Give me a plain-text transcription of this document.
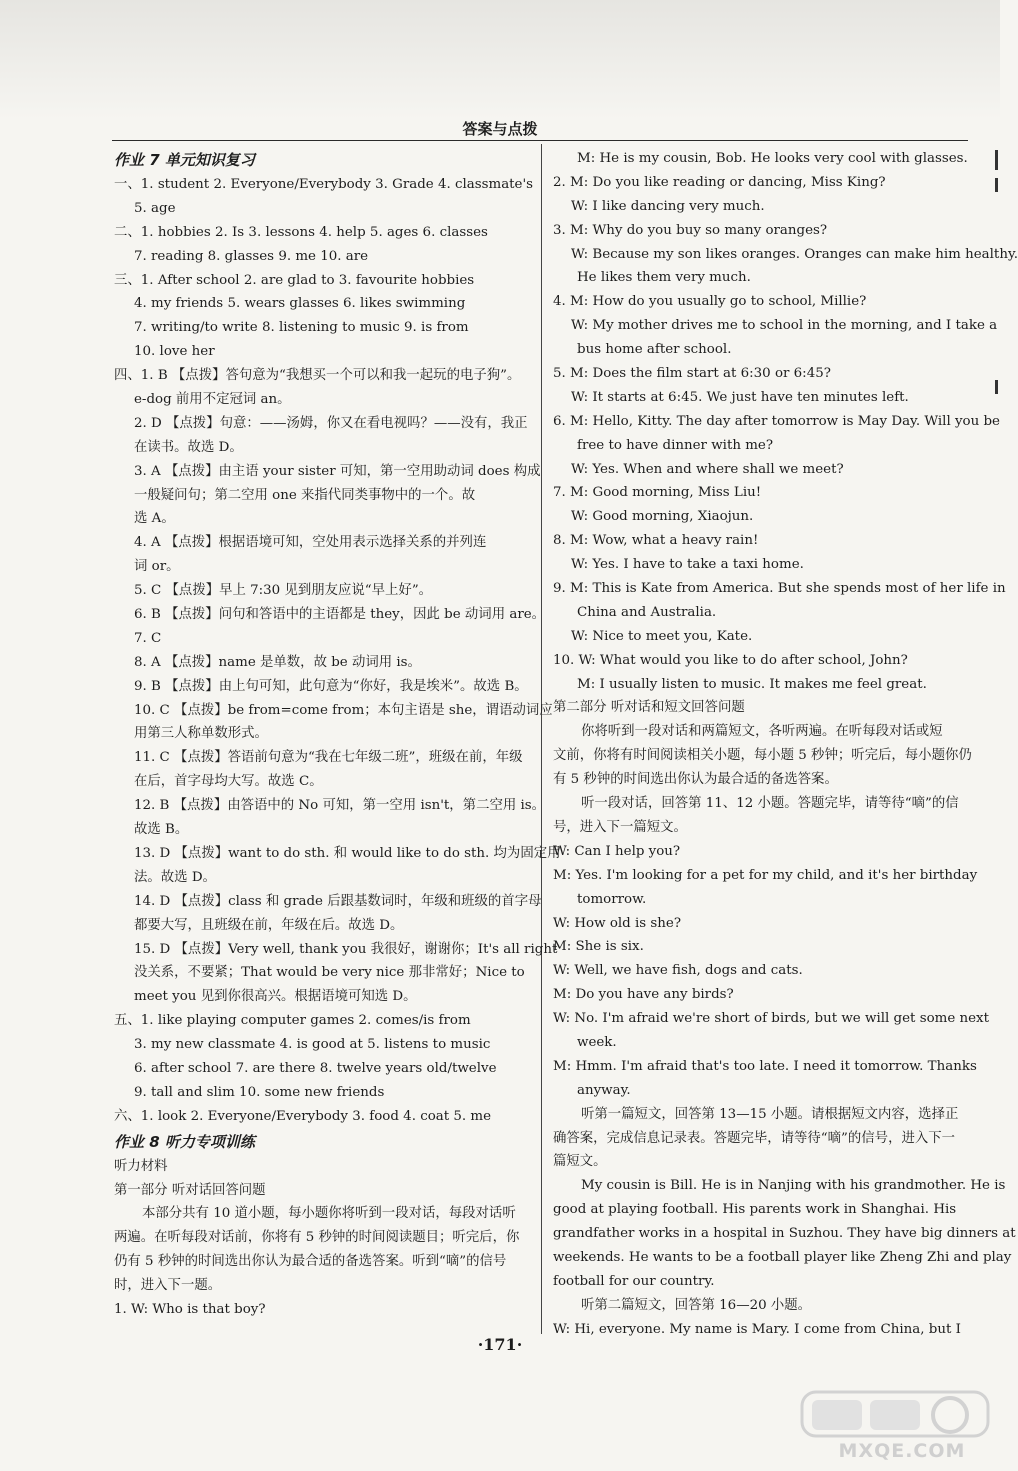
答案与点拨
作业 7 单元知识复习
一、1. student 2. Everyone/Everybody 3. Grade 4. classmate's
5. age
二、1. hobbies 2. Is 3. lessons 4. help 5. ages 6. classes
7. reading 8. glasses 9. me 10. are
三、1. After school 2. are glad to 3. favourite hobbies
4. my friends 5. wears glasses 6. likes swimming
7. writing/to write 8. listening to music 9. is from
10. love her
四、1. B 【点拨】答句意为“我想买一个可以和我一起玩的电子狗”。
e-dog 前用不定冠词 an。
2. D 【点拨】句意：——汤姆，你又在看电视吗？——没有，我正
在读书。故选 D。
3. A 【点拨】由主语 your sister 可知，第一空用助动词 does 构成
一般疑问句；第二空用 one 来指代同类事物中的一个。故
选 A。
4. A 【点拨】根据语境可知，空处用表示选择关系的并列连
词 or。
5. C 【点拨】早上 7:30 见到朋友应说“早上好”。
6. B 【点拨】问句和答语中的主语都是 they，因此 be 动词用 are。
7. C
8. A 【点拨】name 是单数，故 be 动词用 is。
9. B 【点拨】由上句可知，此句意为“你好，我是埃米”。故选 B。
10. C 【点拨】be from=come from；本句主语是 she，谓语动词应
用第三人称单数形式。
11. C 【点拨】答语前句意为“我在七年级二班”，班级在前，年级
在后，首字母均大写。故选 C。
12. B 【点拨】由答语中的 No 可知，第一空用 isn't，第二空用 is。
故选 B。
13. D 【点拨】want to do sth. 和 would like to do sth. 均为固定用
法。故选 D。
14. D 【点拨】class 和 grade 后跟基数词时，年级和班级的首字母
都要大写，且班级在前，年级在后。故选 D。
15. D 【点拨】Very well, thank you 我很好，谢谢你；It's all right
没关系，不要紧；That would be very nice 那非常好；Nice to
meet you 见到你很高兴。根据语境可知选 D。
五、1. like playing computer games 2. comes/is from
3. my new classmate 4. is good at 5. listens to music
6. after school 7. are there 8. twelve years old/twelve
9. tall and slim 10. some new friends
六、1. look 2. Everyone/Everybody 3. food 4. coat 5. me
作业 8 听力专项训练
听力材料
第一部分 听对话回答问题
本部分共有 10 道小题，每小题你将听到一段对话，每段对话听
两遍。在听每段对话前，你将有 5 秒钟的时间阅读题目；听完后，你
仍有 5 秒钟的时间选出你认为最合适的备选答案。听到“嘀”的信号
时，进入下一题。
1. W: Who is that boy?
M: He is my cousin, Bob. He looks very cool with glasses.
2. M: Do you like reading or dancing, Miss King?
W: I like dancing very much.
3. M: Why do you buy so many oranges?
W: Because my son likes oranges. Oranges can make him healthy.
He likes them very much.
4. M: How do you usually go to school, Millie?
W: My mother drives me to school in the morning, and I take a
bus home after school.
5. M: Does the film start at 6:30 or 6:45?
W: It starts at 6:45. We just have ten minutes left.
6. M: Hello, Kitty. The day after tomorrow is May Day. Will you be
free to have dinner with me?
W: Yes. When and where shall we meet?
7. M: Good morning, Miss Liu!
W: Good morning, Xiaojun.
8. M: Wow, what a heavy rain!
W: Yes. I have to take a taxi home.
9. M: This is Kate from America. But she spends most of her life in
China and Australia.
W: Nice to meet you, Kate.
10. W: What would you like to do after school, John?
M: I usually listen to music. It makes me feel great.
第二部分 听对话和短文回答问题
你将听到一段对话和两篇短文，各听两遍。在听每段对话或短
文前，你将有时间阅读相关小题，每小题 5 秒钟；听完后，每小题你仍
有 5 秒钟的时间选出你认为最合适的备选答案。
听一段对话，回答第 11、12 小题。答题完毕，请等待“嘀”的信
号，进入下一篇短文。
W: Can I help you?
M: Yes. I'm looking for a pet for my child, and it's her birthday
tomorrow.
W: How old is she?
M: She is six.
W: Well, we have fish, dogs and cats.
M: Do you have any birds?
W: No. I'm afraid we're short of birds, but we will get some next
week.
M: Hmm. I'm afraid that's too late. I need it tomorrow. Thanks
anyway.
听第一篇短文，回答第 13—15 小题。请根据短文内容，选择正
确答案，完成信息记录表。答题完毕，请等待“嘀”的信号，进入下一
篇短文。
My cousin is Bill. He is in Nanjing with his grandmother. He is
good at playing football. His parents work in Shanghai. His
grandfather works in a hospital in Suzhou. They have big dinners at
weekends. He wants to be a football player like Zheng Zhi and play
football for our country.
听第二篇短文，回答第 16—20 小题。
W: Hi, everyone. My name is Mary. I come from China, but I
·171·
MXQE.COM
